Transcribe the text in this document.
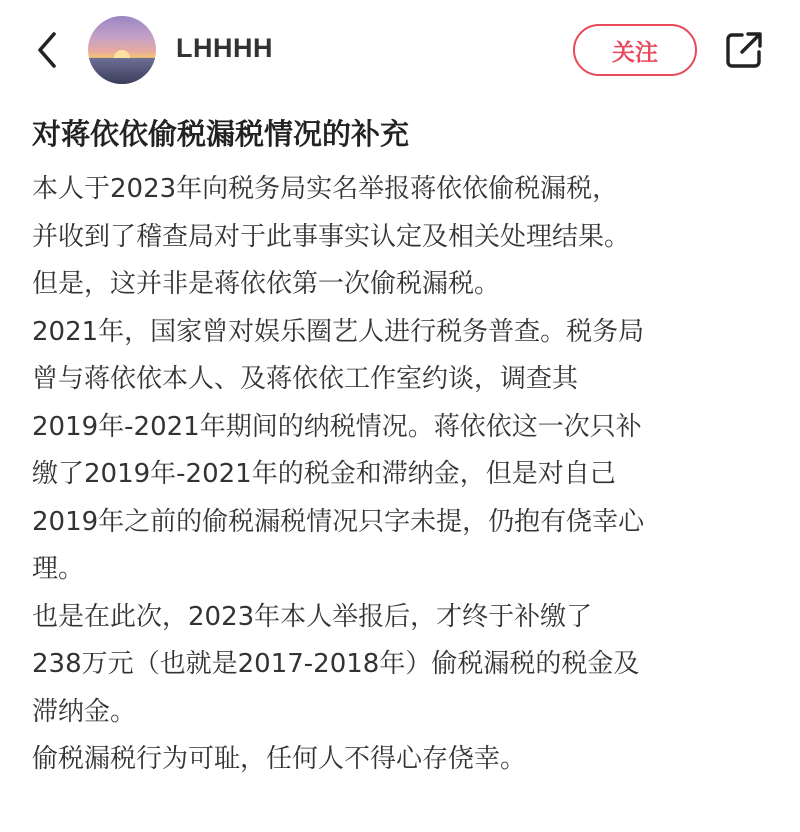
LHHHH	关注
对蒋依依偷税漏税情况的补充
本人于2023年向税务局实名举报蒋依依偷税漏税，
并收到了稽查局对于此事事实认定及相关处理结果。
但是，这并非是蒋依依第一次偷税漏税。
2021年，国家曾对娱乐圈艺人进行税务普查。税务局
曾与蒋依依本人、及蒋依依工作室约谈，调查其
2019年-2021年期间的纳税情况。蒋依依这一次只补
缴了2019年-2021年的税金和滞纳金，但是对自己
2019年之前的偷税漏税情况只字未提，仍抱有侥幸心
理。
也是在此次，2023年本人举报后，才终于补缴了
238万元（也就是2017-2018年）偷税漏税的税金及
滞纳金。
偷税漏税行为可耻，任何人不得心存侥幸。
